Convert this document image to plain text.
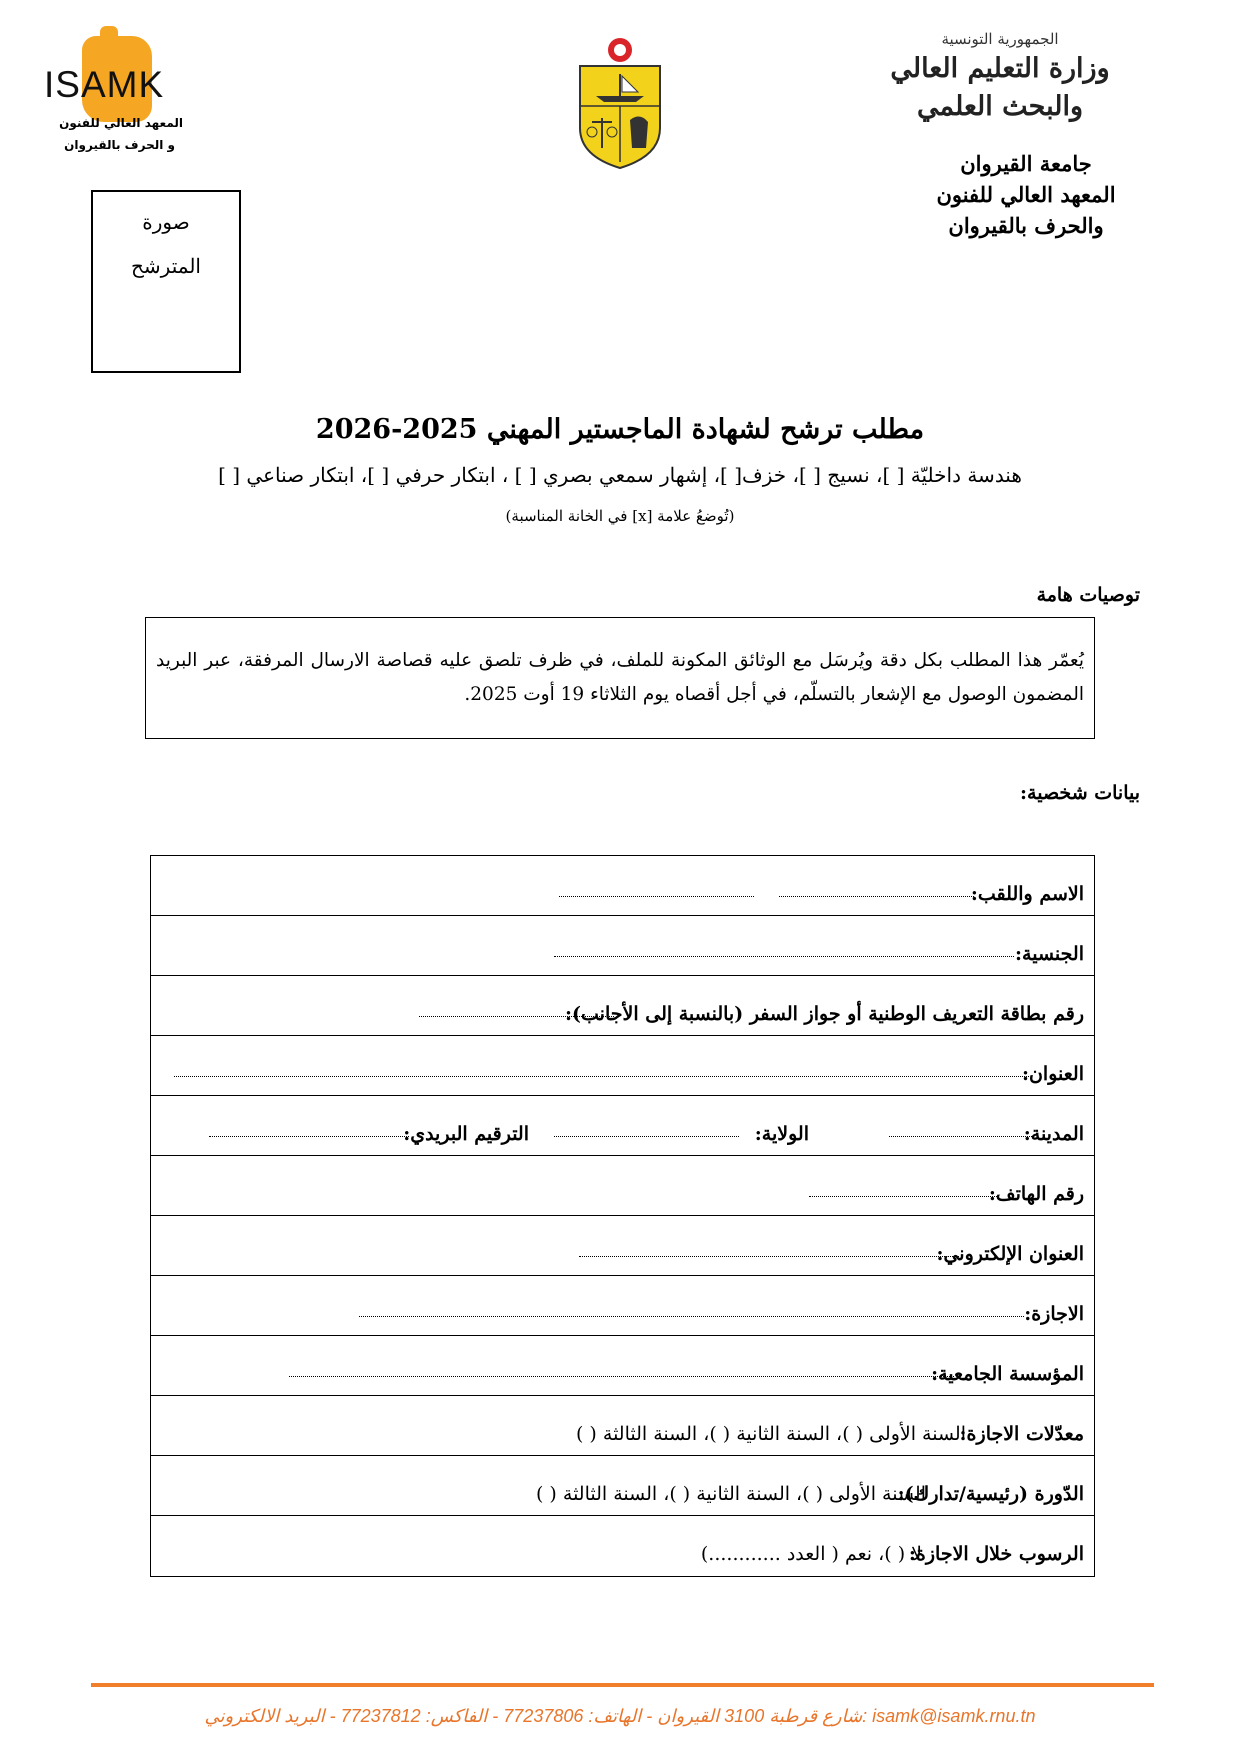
ISAMK
المعهد العالي للفنون
و الحرف بالقيروان
الجمهورية التونسية
وزارة التعليم العالي
والبحث العلمي
جامعة القيروان
المعهد العالي للفنون
والحرف بالقيروان
صورة
المترشح
مطلب ترشح لشهادة الماجستير المهني 2025-2026
هندسة داخليّة [ ]، نسيج [ ]، خزف[ ]، إشهار سمعي بصري [ ] ، ابتكار حرفي [ ]، ابتكار صناعي [ ]
(تُوضعُ علامة [x] في الخانة المناسبة)
توصيات هامة
يُعمّر هذا المطلب بكل دقة ويُرسَل مع الوثائق المكونة للملف، في ظرف تلصق عليه قصاصة الارسال المرفقة، عبر البريد المضمون الوصول مع الإشعار بالتسلّم، في أجل أقصاه يوم الثلاثاء 19 أوت 2025.
بيانات شخصية:
الاسم واللقب:
الجنسية:
رقم بطاقة التعريف الوطنية أو جواز السفر (بالنسبة إلى الأجانب):
العنوان:
المدينة:
الولاية:
الترقيم البريدي:
رقم الهاتف:
العنوان الإلكتروني:
الاجازة:
المؤسسة الجامعية:
معدّلات الاجازة:
السنة الأولى ( )، السنة الثانية ( )، السنة الثالثة ( )
الدّورة (رئيسية/تدارك):
السنة الأولى ( )، السنة الثانية ( )، السنة الثالثة ( )
الرسوب خلال الاجازة:
لا ( )، نعم ( العدد ............)
شارع قرطبة 3100 القيروان - الهاتف: 77237806 - الفاكس: 77237812 - البريد الالكتروني: isamk@isamk.rnu.tn
